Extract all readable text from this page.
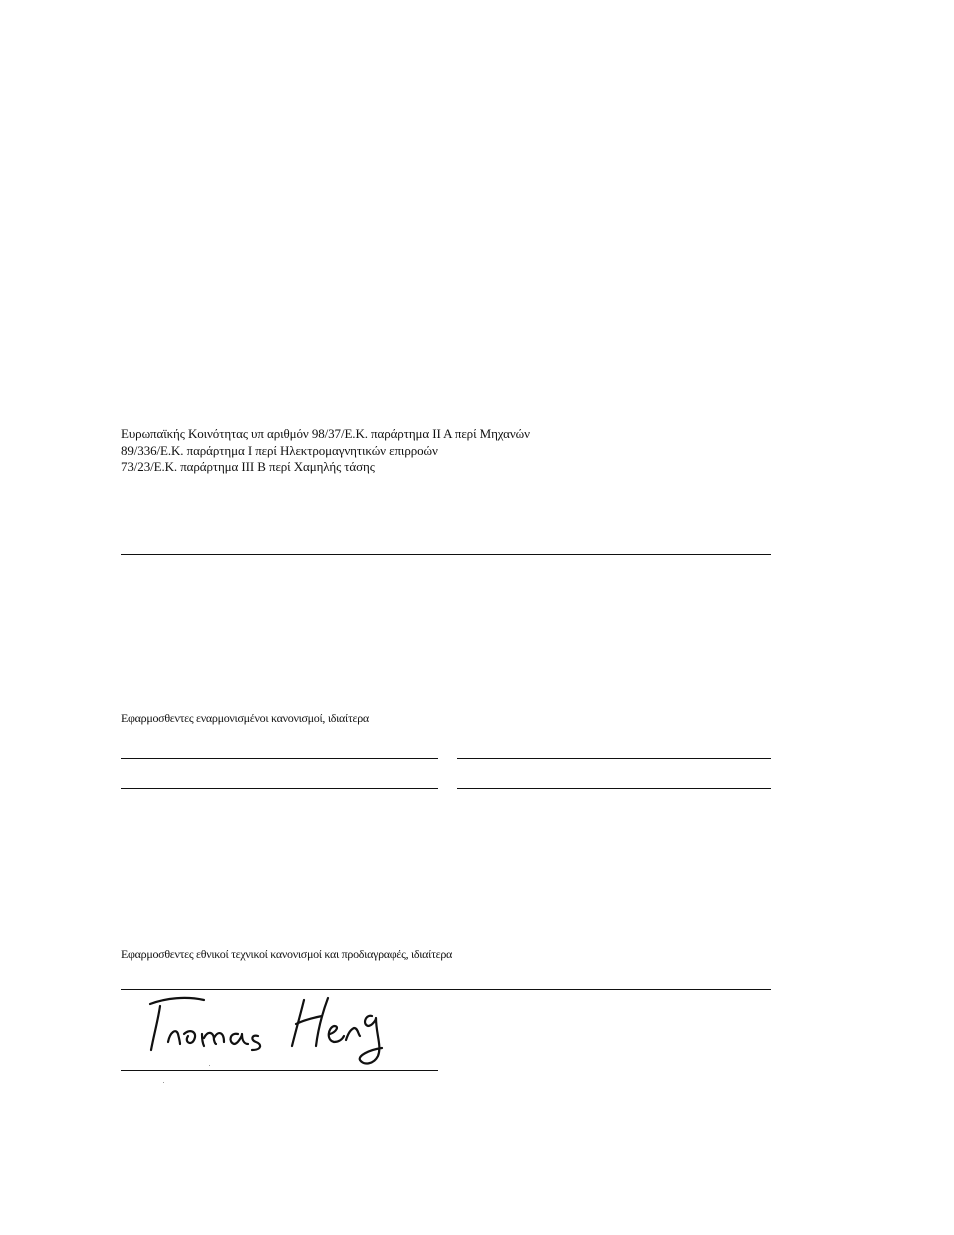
Ευρωπαϊκής Κοινότητας υπ αριθμόν 98/37/Ε.Κ. παράρτημα II A περί Μηχανών
89/336/Ε.Κ. παράρτημα I περί Ηλεκτρομαγνητικών επιρροών
73/23/Ε.Κ. παράρτημα III B περί Χαμηλής τάσης
Εφαρμοσθεντες εναρμονισμένοι κανονισμοί, ιδιαίτερα
Εφαρμοσθεντες εθνικοί τεχνικοί κανονισμοί και προδιαγραφές, ιδιαίτερα
